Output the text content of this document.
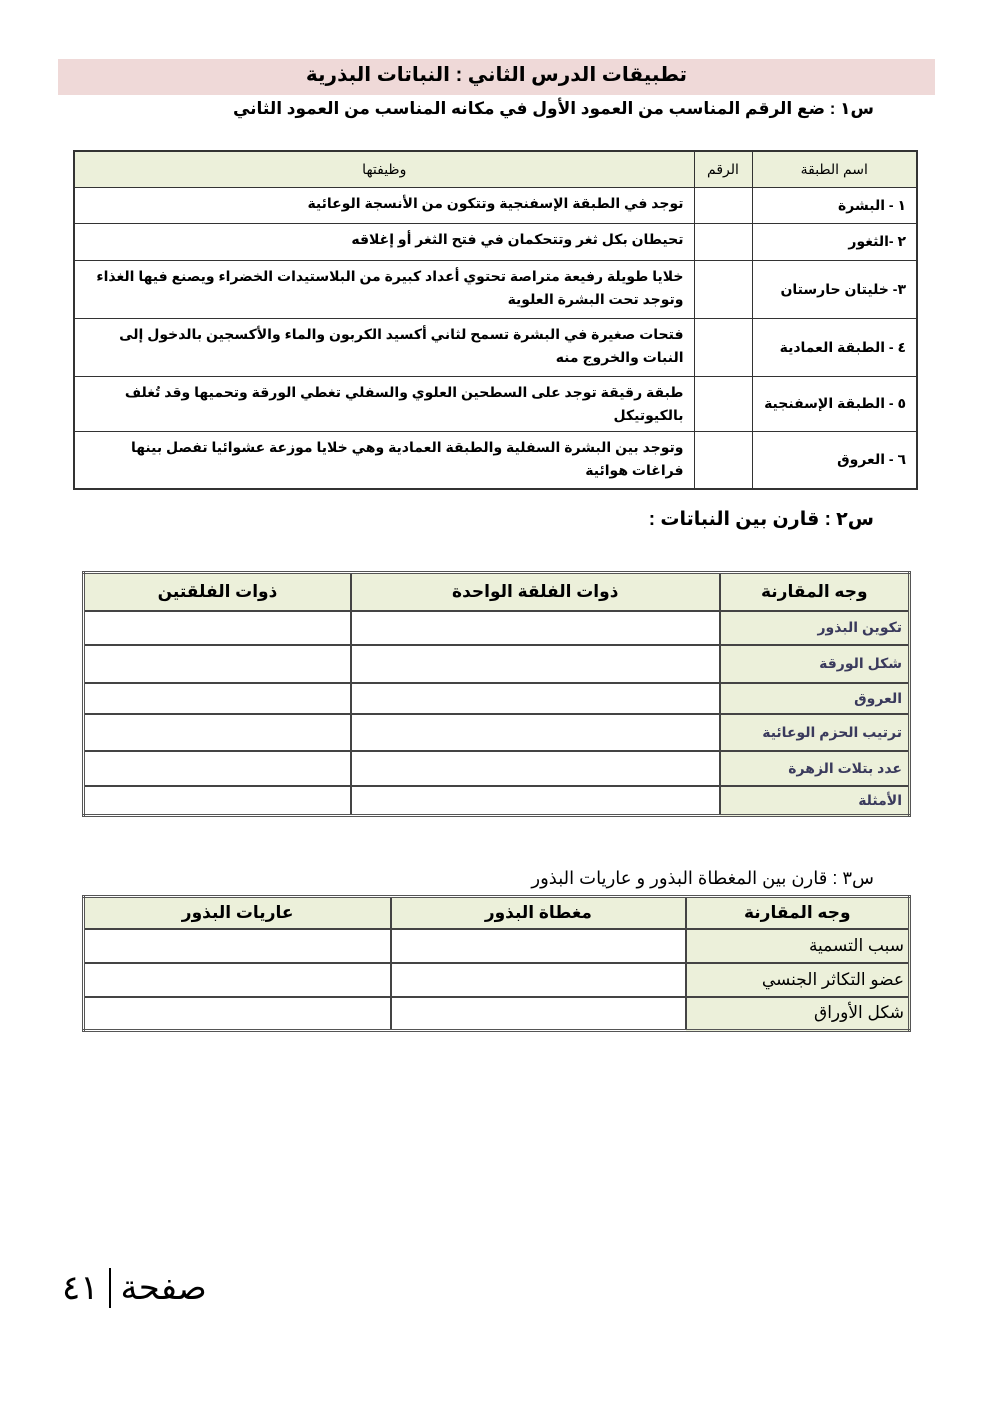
تطبيقات الدرس الثاني : النباتات البذرية
س١ : ضع الرقم المناسب من العمود الأول في مكانه المناسب من العمود الثاني
اسم الطبقة	الرقم	وظيفتها
١ - البشرة		توجد في الطبقة الإسفنجية وتتكون من الأنسجة الوعائية
٢ -الثغور		تحيطان بكل ثغر وتتحكمان في فتح الثغر أو إغلاقه
٣- خليتان حارستان		خلايا طويلة رفيعة متراصة تحتوي أعداد كبيرة من البلاستيدات الخضراء ويصنع فيها الغذاء وتوجد تحت البشرة العلوية
٤ - الطبقة العمادية		فتحات صغيرة في البشرة تسمح لثاني أكسيد الكربون والماء والأكسجين بالدخول إلى النبات والخروج منه
٥ - الطبقة الإسفنجية		طبقة رقيقة توجد على السطحين العلوي والسفلي تغطي الورقة وتحميها وقد تُغلف بالكيوتيكل
٦ - العروق		وتوجد بين البشرة السفلية والطبقة العمادية وهي خلايا موزعة عشوائيا تفصل بينها فراغات هوائية
س٢ : قارن بين النباتات :
وجه المقارنة	ذوات الفلقة الواحدة	ذوات الفلقتين
تكوين البذور		
شكل الورقة		
العروق		
ترتيب الحزم الوعائية		
عدد بتلات الزهرة		
الأمثلة		
س٣ : قارن بين المغطاة البذور و عاريات البذور
وجه المقارنة	مغطاة البذور	عاريات البذور
سبب التسمية		
عضو التكاثر الجنسي		
شكل الأوراق		
٤١ صفحة
